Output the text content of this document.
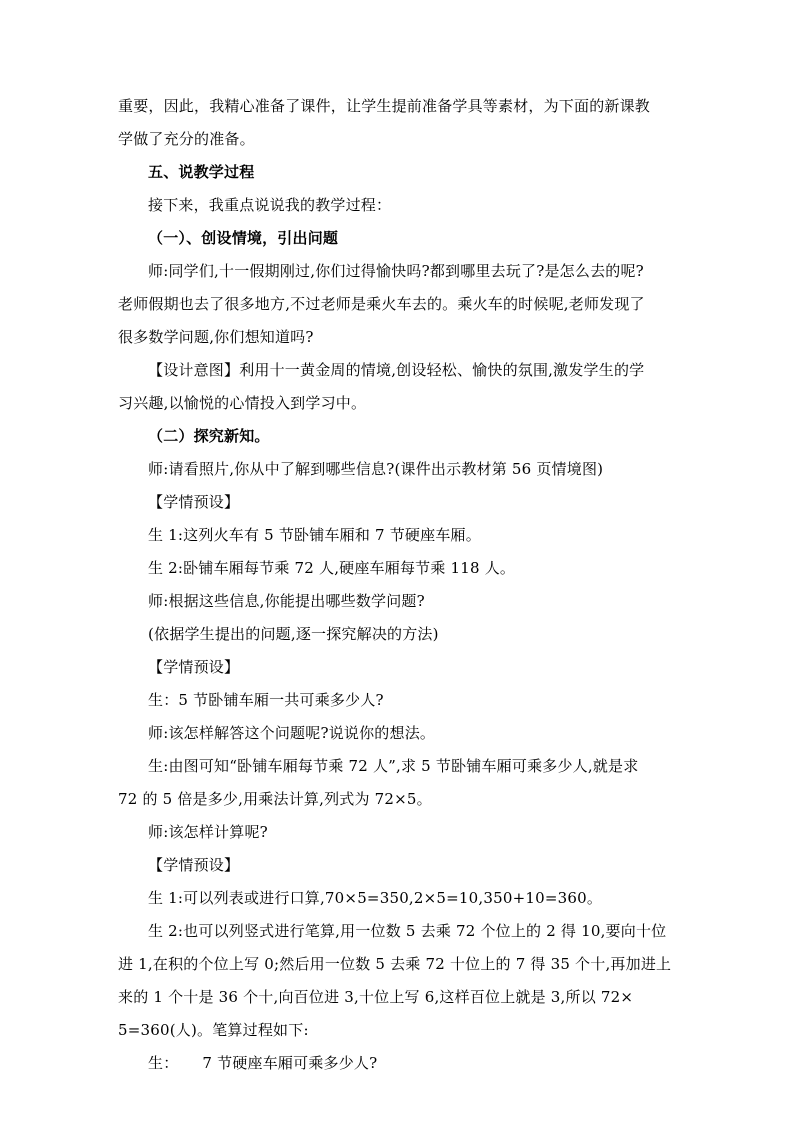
重要，因此，我精心准备了课件，让学生提前准备学具等素材，为下面的新课教
学做了充分的准备。
五、说教学过程
接下来，我重点说说我的教学过程：
（一）、创设情境，引出问题
师:同学们,十一假期刚过,你们过得愉快吗?都到哪里去玩了?是怎么去的呢?
老师假期也去了很多地方,不过老师是乘火车去的。乘火车的时候呢,老师发现了
很多数学问题,你们想知道吗?
【设计意图】利用十一黄金周的情境,创设轻松、愉快的氛围,激发学生的学
习兴趣,以愉悦的心情投入到学习中。
（二）探究新知。
师:请看照片,你从中了解到哪些信息?(课件出示教材第 56 页情境图)
【学情预设】
生 1:这列火车有 5 节卧铺车厢和 7 节硬座车厢。
生 2:卧铺车厢每节乘 72 人,硬座车厢每节乘 118 人。
师:根据这些信息,你能提出哪些数学问题?
(依据学生提出的问题,逐一探究解决的方法)
【学情预设】
生：5 节卧铺车厢一共可乘多少人?
师:该怎样解答这个问题呢?说说你的想法。
生:由图可知“卧铺车厢每节乘 72 人”,求 5 节卧铺车厢可乘多少人,就是求
72 的 5 倍是多少,用乘法计算,列式为 72×5。
师:该怎样计算呢?
【学情预设】
生 1:可以列表或进行口算,70×5=350,2×5=10,350+10=360。
生 2:也可以列竖式进行笔算,用一位数 5 去乘 72 个位上的 2 得 10,要向十位
进 1,在积的个位上写 0;然后用一位数 5 去乘 72 十位上的 7 得 35 个十,再加进上
来的 1 个十是 36 个十,向百位进 3,十位上写 6,这样百位上就是 3,所以 72×
5=360(人)。笔算过程如下:
生： 7 节硬座车厢可乘多少人?
